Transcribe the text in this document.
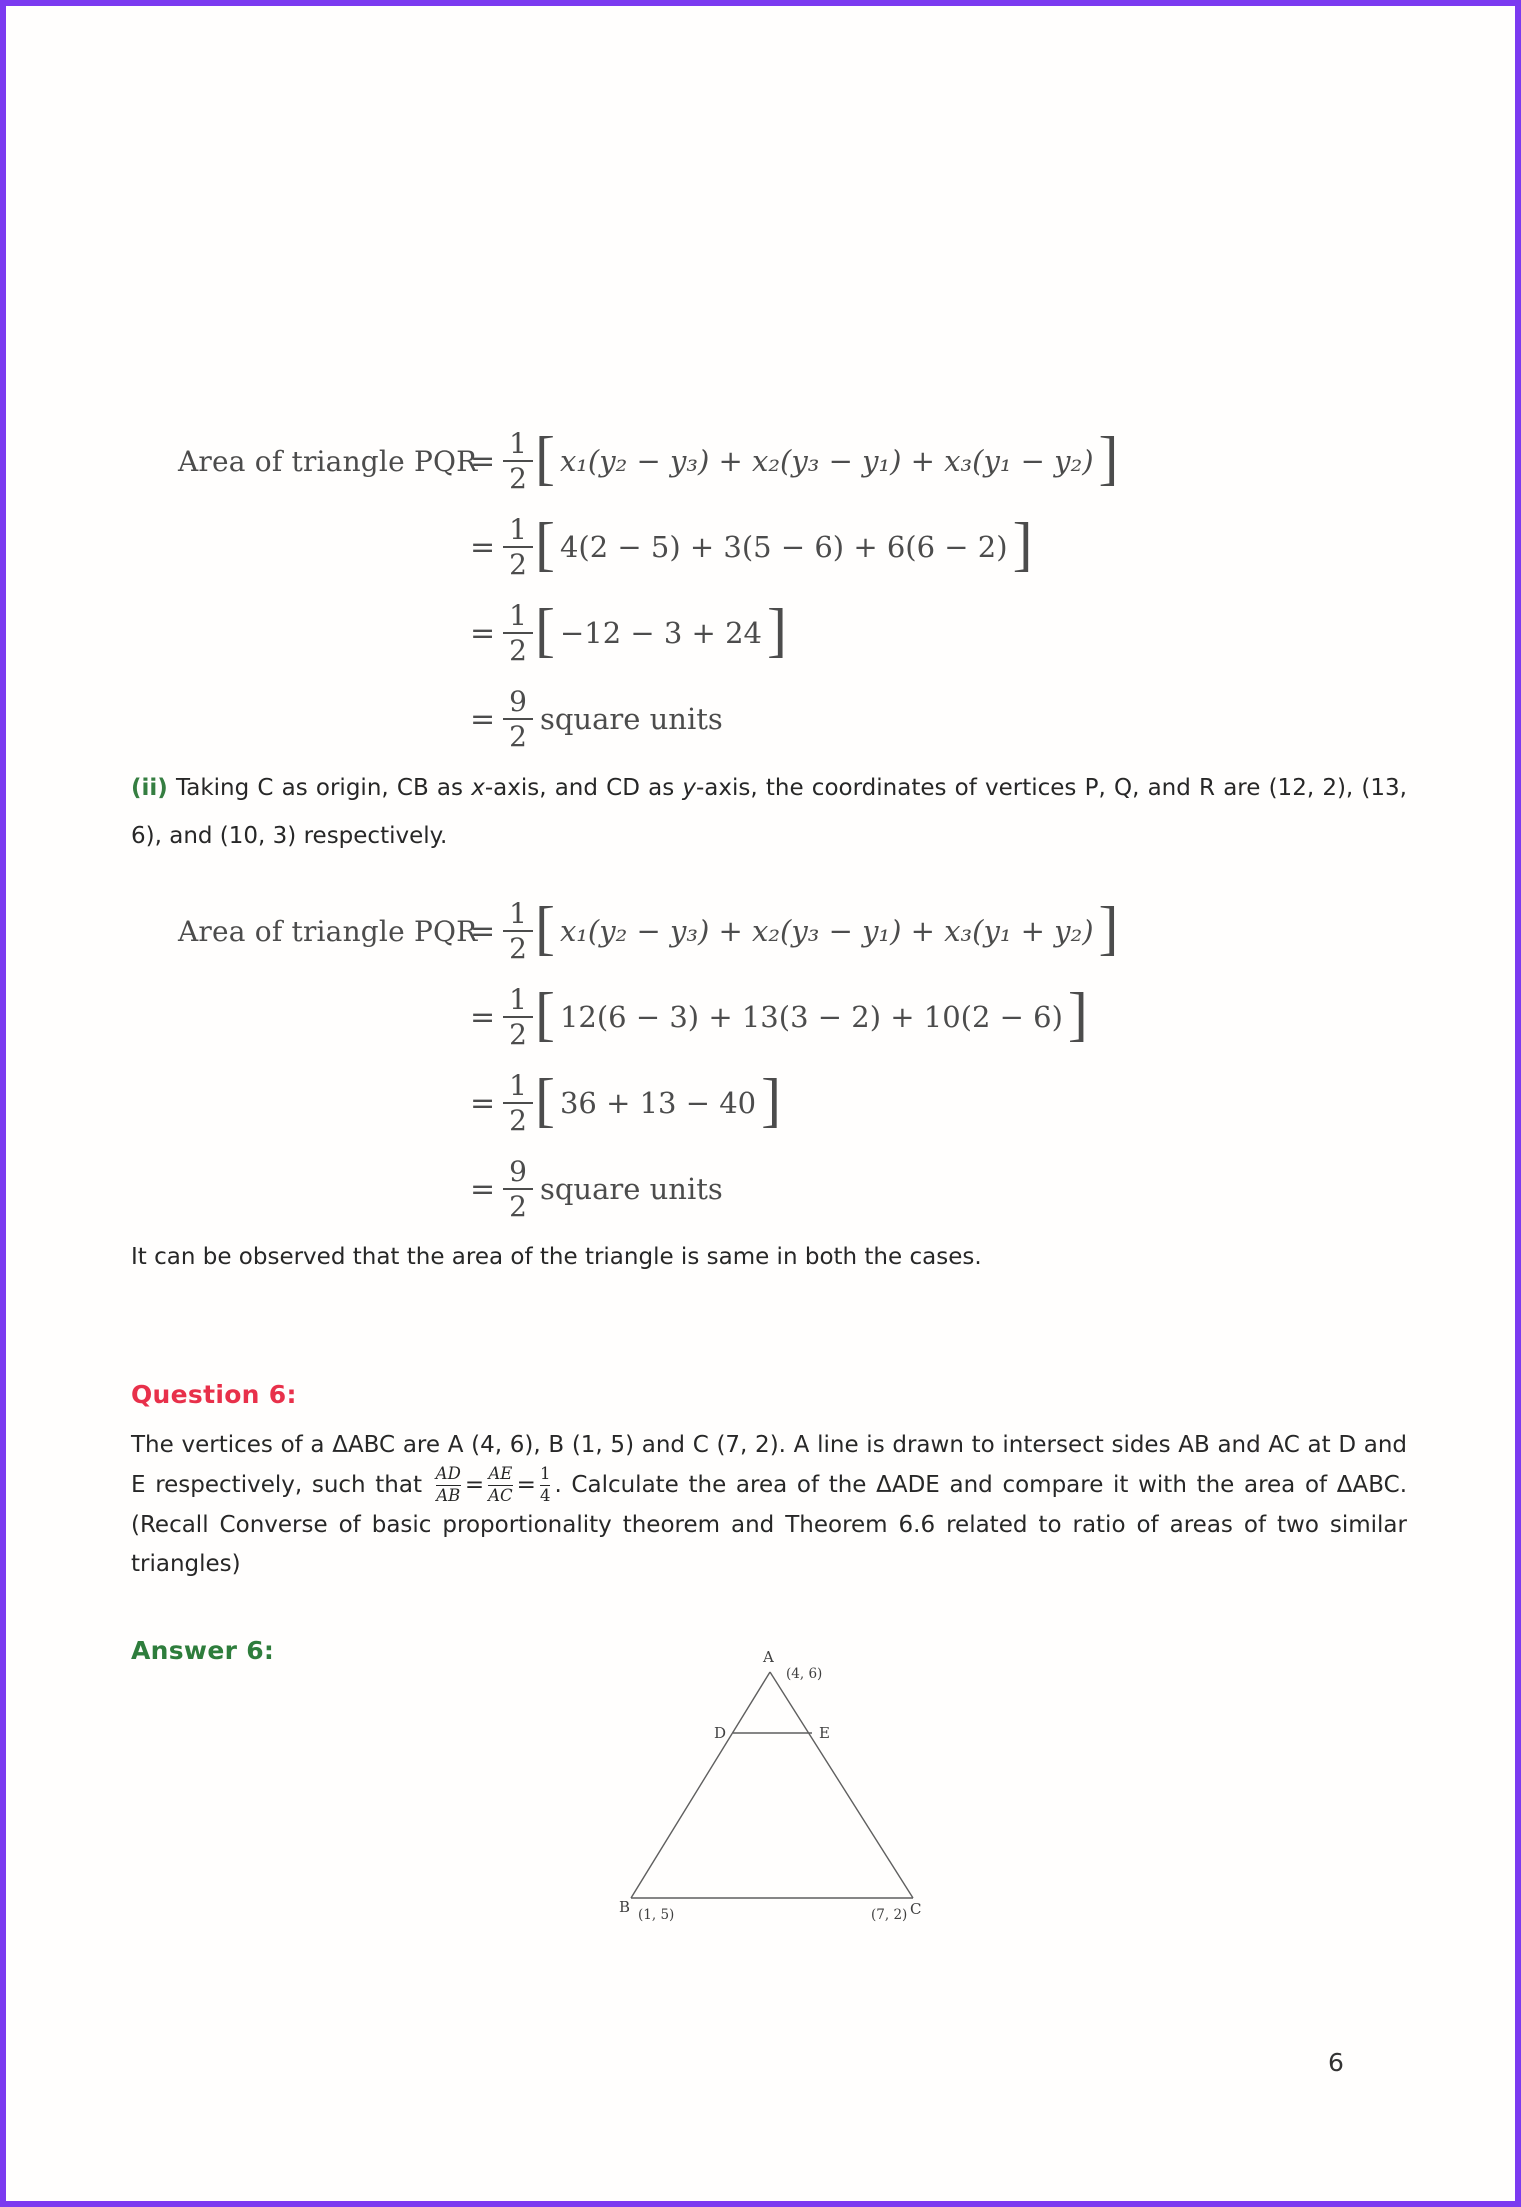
Area of triangle PQR
= $\frac{1}{2}$ [ x₁(y₂ − y₃) + x₂(y₃ − y₁) + x₃(y₁ − y₂) ]
= $\frac{1}{2}$ [ 4(2 − 5) + 3(5 − 6) + 6(6 − 2) ]
= $\frac{1}{2}$ [ −12 − 3 + 24 ]
= $\frac{9}{2}$ square units

(ii) Taking C as origin, CB as x-axis, and CD as y-axis, the coordinates of vertices P, Q, and R are (12, 2), (13, 6), and (10, 3) respectively.

Area of triangle PQR
= $\frac{1}{2}$ [ x₁(y₂ − y₃) + x₂(y₃ − y₁) + x₃(y₁ + y₂) ]
= $\frac{1}{2}$ [ 12(6 − 3) + 13(3 − 2) + 10(2 − 6) ]
= $\frac{1}{2}$ [ 36 + 13 − 40 ]
= $\frac{9}{2}$ square units

It can be observed that the area of the triangle is same in both the cases.

Question 6:

The vertices of a ΔABC are A (4, 6), B (1, 5) and C (7, 2). A line is drawn to intersect sides AB and AC at D and E respectively, such that $\frac{AD}{AB} = \frac{AE}{AC} = \frac{1}{4}$ . Calculate the area of the ΔADE and compare it with the area of ΔABC. (Recall Converse of basic proportionality theorem and Theorem 6.6 related to ratio of areas of two similar triangles)

Answer 6:	A
(4, 6)
D	E
B (1, 5)	(7, 2) C
6
